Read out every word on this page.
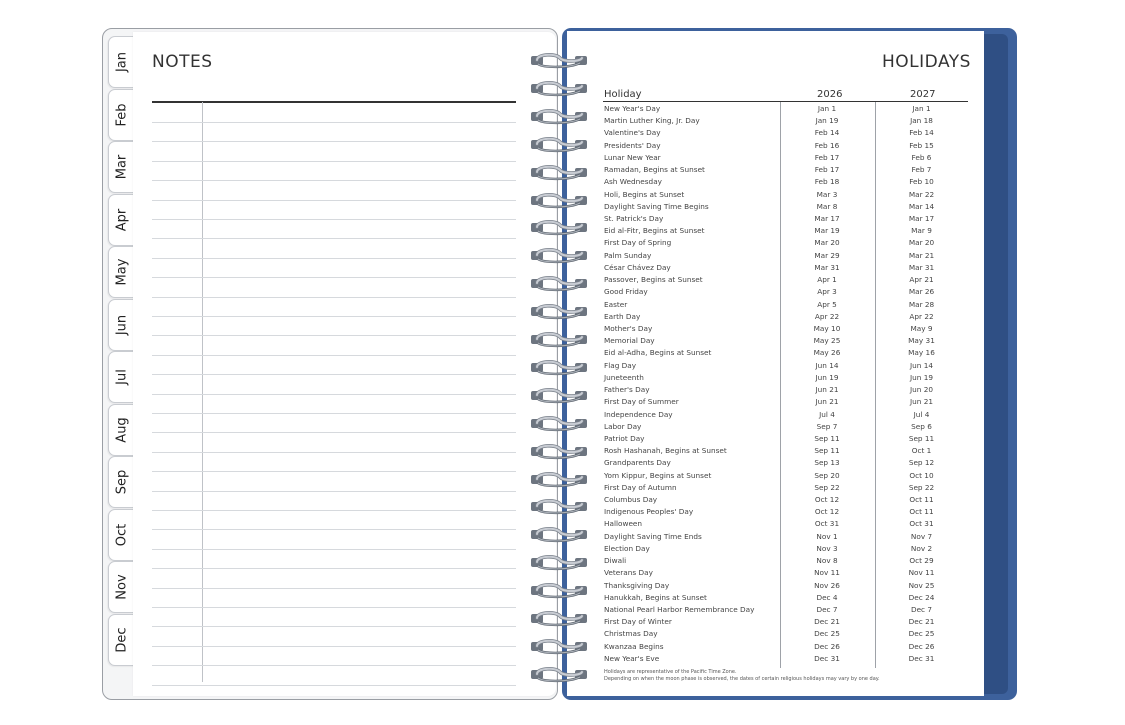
Jan
Feb
Mar
Apr
May
Jun
Jul
Aug
Sep
Oct
Nov
Dec
NOTES	HOLIDAYS
Holiday	2026	2027
New Year's Day	Jan 1	Jan 1
Martin Luther King, Jr. Day	Jan 19	Jan 18
Valentine's Day	Feb 14	Feb 14
Presidents' Day	Feb 16	Feb 15
Lunar New Year	Feb 17	Feb 6
Ramadan, Begins at Sunset	Feb 17	Feb 7
Ash Wednesday	Feb 18	Feb 10
Holi, Begins at Sunset	Mar 3	Mar 22
Daylight Saving Time Begins	Mar 8	Mar 14
St. Patrick's Day	Mar 17	Mar 17
Eid al-Fitr, Begins at Sunset	Mar 19	Mar 9
First Day of Spring	Mar 20	Mar 20
Palm Sunday	Mar 29	Mar 21
César Chávez Day	Mar 31	Mar 31
Passover, Begins at Sunset	Apr 1	Apr 21
Good Friday	Apr 3	Mar 26
Easter	Apr 5	Mar 28
Earth Day	Apr 22	Apr 22
Mother's Day	May 10	May 9
Memorial Day	May 25	May 31
Eid al-Adha, Begins at Sunset	May 26	May 16
Flag Day	Jun 14	Jun 14
Juneteenth	Jun 19	Jun 19
Father's Day	Jun 21	Jun 20
First Day of Summer	Jun 21	Jun 21
Independence Day	Jul 4	Jul 4
Labor Day	Sep 7	Sep 6
Patriot Day	Sep 11	Sep 11
Rosh Hashanah, Begins at Sunset	Sep 11	Oct 1
Grandparents Day	Sep 13	Sep 12
Yom Kippur, Begins at Sunset	Sep 20	Oct 10
First Day of Autumn	Sep 22	Sep 22
Columbus Day	Oct 12	Oct 11
Indigenous Peoples' Day	Oct 12	Oct 11
Halloween	Oct 31	Oct 31
Daylight Saving Time Ends	Nov 1	Nov 7
Election Day	Nov 3	Nov 2
Diwali	Nov 8	Oct 29
Veterans Day	Nov 11	Nov 11
Thanksgiving Day	Nov 26	Nov 25
Hanukkah, Begins at Sunset	Dec 4	Dec 24
National Pearl Harbor Remembrance Day	Dec 7	Dec 7
First Day of Winter	Dec 21	Dec 21
Christmas Day	Dec 25	Dec 25
Kwanzaa Begins	Dec 26	Dec 26
New Year's Eve	Dec 31	Dec 31
Holidays are representative of the Pacific Time Zone.
Depending on when the moon phase is observed, the dates of certain religious holidays may vary by one day.
